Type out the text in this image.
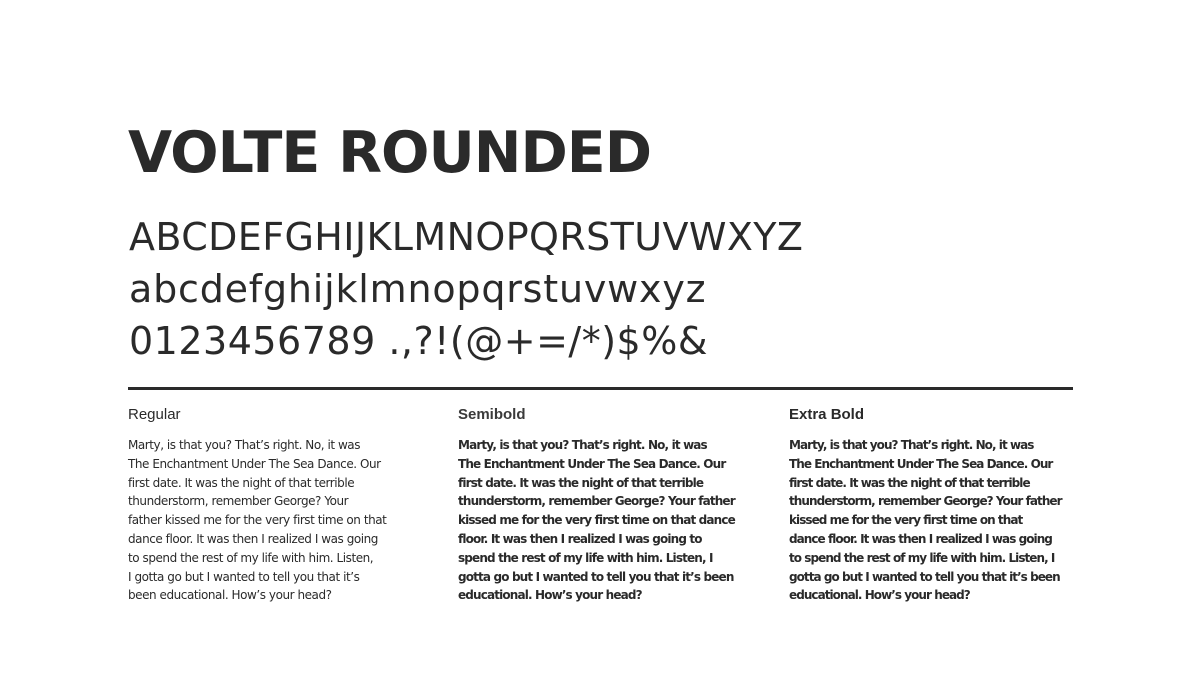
VOLTE ROUNDED
ABCDEFGHIJKLMNOPQRSTUVWXYZ
abcdefghijklmnopqrstuvwxyz
0123456789 .,?!(@+=/*)$%&
Regular

Marty, is that you? That’s right. No, it was
The Enchantment Under The Sea Dance. Our
first date. It was the night of that terrible
thunderstorm, remember George? Your
father kissed me for the very first time on that
dance floor. It was then I realized I was going
to spend the rest of my life with him. Listen,
I gotta go but I wanted to tell you that it’s
been educational. How’s your head?

Semibold

Marty, is that you? That’s right. No, it was
The Enchantment Under The Sea Dance. Our
first date. It was the night of that terrible
thunderstorm, remember George? Your father
kissed me for the very first time on that dance
floor. It was then I realized I was going to
spend the rest of my life with him. Listen, I
gotta go but I wanted to tell you that it’s been
educational. How’s your head?

Extra Bold

Marty, is that you? That’s right. No, it was
The Enchantment Under The Sea Dance. Our
first date. It was the night of that terrible
thunderstorm, remember George? Your father
kissed me for the very first time on that
dance floor. It was then I realized I was going
to spend the rest of my life with him. Listen, I
gotta go but I wanted to tell you that it’s been
educational. How’s your head?
